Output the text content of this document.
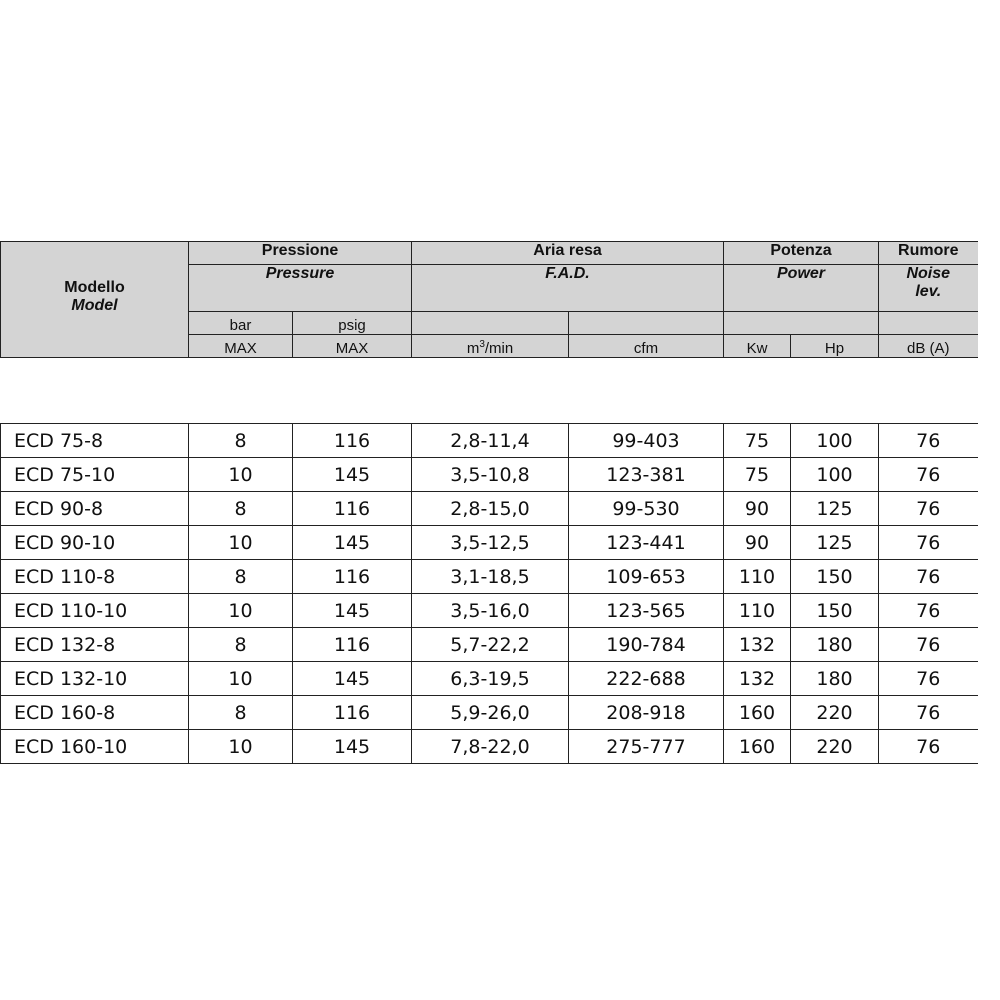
Modello
Model	Pressione		Aria resa		Potenza		Rumore
	Pressure		F.A.D.		Power		Noise
lev.

	bar	psig					
	MAX	MAX	$m^3/\min$	cfm	Kw	Hp	dB (A)
ECD 75-8	8	116	2,8-11,4	99-403	75	100	76
ECD 75-10	10	145	3,5-10,8	123-381	75	100	76
ECD 90-8	8	116	2,8-15,0	99-530	90	125	76
ECD 90-10	10	145	3,5-12,5	123-441	90	125	76
ECD 110-8	8	116	3,1-18,5	109-653	110	150	76
ECD 110-10	10	145	3,5-16,0	123-565	110	150	76
ECD 132-8	8	116	5,7-22,2	190-784	132	180	76
ECD 132-10	10	145	6,3-19,5	222-688	132	180	76
ECD 160-8	8	116	5,9-26,0	208-918	160	220	76
ECD 160-10	10	145	7,8-22,0	275-777	160	220	76
